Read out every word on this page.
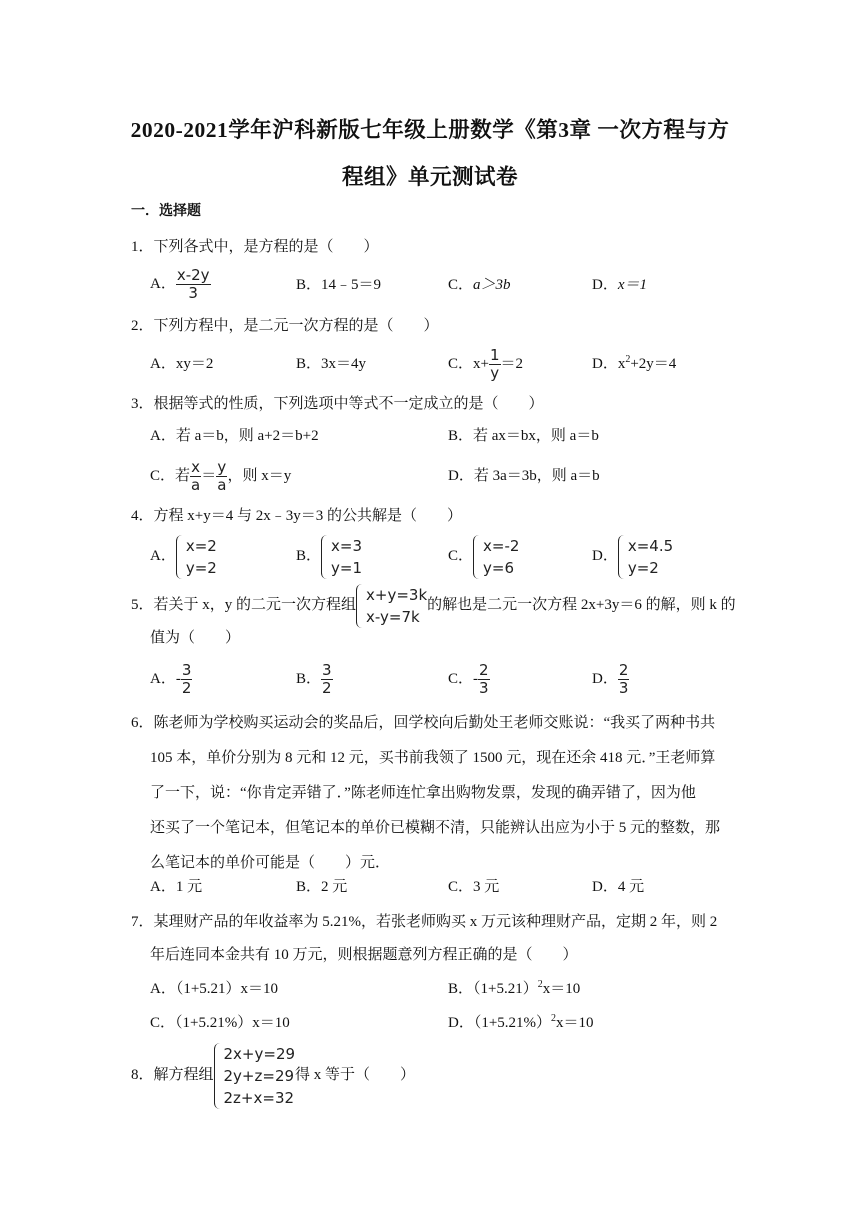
2020-2021学年沪科新版七年级上册数学《第3章 一次方程与方
程组》单元测试卷
一．选择题
1．下列各式中，是方程的是（　　）
A． $\frac{x-2y}{3}$	B．14﹣5＝9	C．a＞3b	D．x＝1
2．下列方程中，是二元一次方程的是（　　）
A．xy＝2	B．3x＝4y	C．$x+ \frac{1}{y} =2$	D．$x^2+2y=4$
3．根据等式的性质，下列选项中等式不一定成立的是（　　）
A．若 a＝b，则 a+2＝b+2	B．若 ax＝bx，则 a＝b
C．若 $\frac{x}{a} = \frac{y}{a}$ ，则 x＝y	D．若 3a＝3b，则 a＝b
4．方程 x+y＝4 与 2x﹣3y＝3 的公共解是（　　）
A．
x=2
y=2
B．
x=3
y=1
C．
x=-2
y=6
D．
x=4.5
y=2
5．若关于 x，y 的二元一次方程组
x+y=3k
x-y=7k
的解也是二元一次方程 2x+3y＝6 的解，则 k 的
值为（　　）
A．- $\frac{3}{2}$	B． $\frac{3}{2}$	C．- $\frac{2}{3}$	D． $\frac{2}{3}$
6．陈老师为学校购买运动会的奖品后，回学校向后勤处王老师交账说：“我买了两种书共
105 本，单价分别为 8 元和 12 元，买书前我领了 1500 元，现在还余 418 元．”王老师算
了一下，说：“你肯定弄错了．”陈老师连忙拿出购物发票，发现的确弄错了，因为他
还买了一个笔记本，但笔记本的单价已模糊不清，只能辨认出应为小于 5 元的整数，那
么笔记本的单价可能是（　　）元．
A．1 元	B．2 元	C．3 元	D．4 元
7．某理财产品的年收益率为 5.21%，若张老师购买 x 万元该种理财产品，定期 2 年，则 2
年后连同本金共有 10 万元，则根据题意列方程正确的是（　　）
A．（1+5.21）x＝10	B．$(1+5.21)^2x=10$
C．（1+5.21%）x＝10	D．$(1+5.21\%)^2x=10$
8．解方程组
2x+y=29
2y+z=29
2z+x=32
得 x 等于（　　）
